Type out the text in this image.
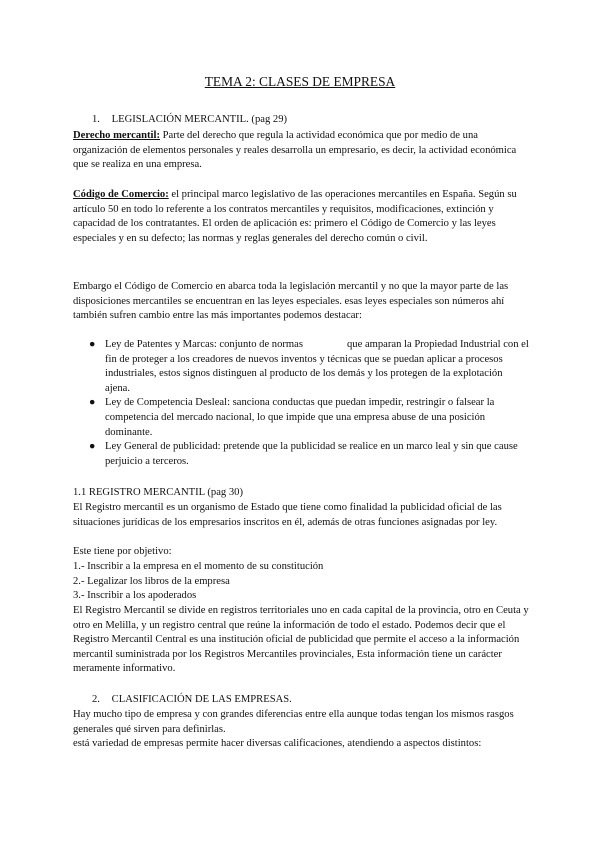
TEMA 2: CLASES DE EMPRESA
1. LEGISLACIÓN MERCANTIL. (pag 29)
Derecho mercantil: Parte del derecho que regula la actividad económica que por medio de una organización de elementos personales y reales desarrolla un empresario, es decir, la actividad económica que se realiza en una empresa.
Código de Comercio: el principal marco legislativo de las operaciones mercantiles en España. Según su artículo 50 en todo lo referente a los contratos mercantiles y requisitos, modificaciones, extinción y capacidad de los contratantes. El orden de aplicación es: primero el Código de Comercio y las leyes especiales y en su defecto; las normas y reglas generales del derecho común o civil.
Embargo el Código de Comercio en abarca toda la legislación mercantil y no que la mayor parte de las disposiciones mercantiles se encuentran en las leyes especiales. esas leyes especiales son números ahí también sufren cambio entre las más importantes podemos destacar:
● Ley de Patentes y Marcas: conjunto de normas	que amparan la Propiedad Industrial con el fin de proteger a los creadores de nuevos inventos y técnicas que se puedan aplicar a procesos industriales, estos signos distinguen al producto de los demás y los protegen de la explotación ajena.
● Ley de Competencia Desleal: sanciona conductas que puedan impedir, restringir o falsear la competencia del mercado nacional, lo que impide que una empresa abuse de una posición dominante.
● Ley General de publicidad: pretende que la publicidad se realice en un marco leal y sin que cause perjuicio a terceros.
1.1 REGISTRO MERCANTIL (pag 30)
El Registro mercantil es un organismo de Estado que tiene como finalidad la publicidad oficial de las situaciones jurídicas de los empresarios inscritos en él, además de otras funciones asignadas por ley.
Este tiene por objetivo:
1.- Inscribir a la empresa en el momento de su constitución
2.- Legalizar los libros de la empresa
3.- Inscribir a los apoderados
El Registro Mercantil se divide en registros territoriales uno en cada capital de la provincia, otro en Ceuta y otro en Melilla, y un registro central que reúne la información de todo el estado. Podemos decir que el Registro Mercantil Central es una institución oficial de publicidad que permite el acceso a la información mercantil suministrada por los Registros Mercantiles provinciales, Esta información tiene un carácter meramente informativo.
2. CLASIFICACIÓN DE LAS EMPRESAS.
Hay mucho tipo de empresa y con grandes diferencias entre ella aunque todas tengan los mismos rasgos generales qué sirven para definirlas.
está variedad de empresas permite hacer diversas calificaciones, atendiendo a aspectos distintos:
